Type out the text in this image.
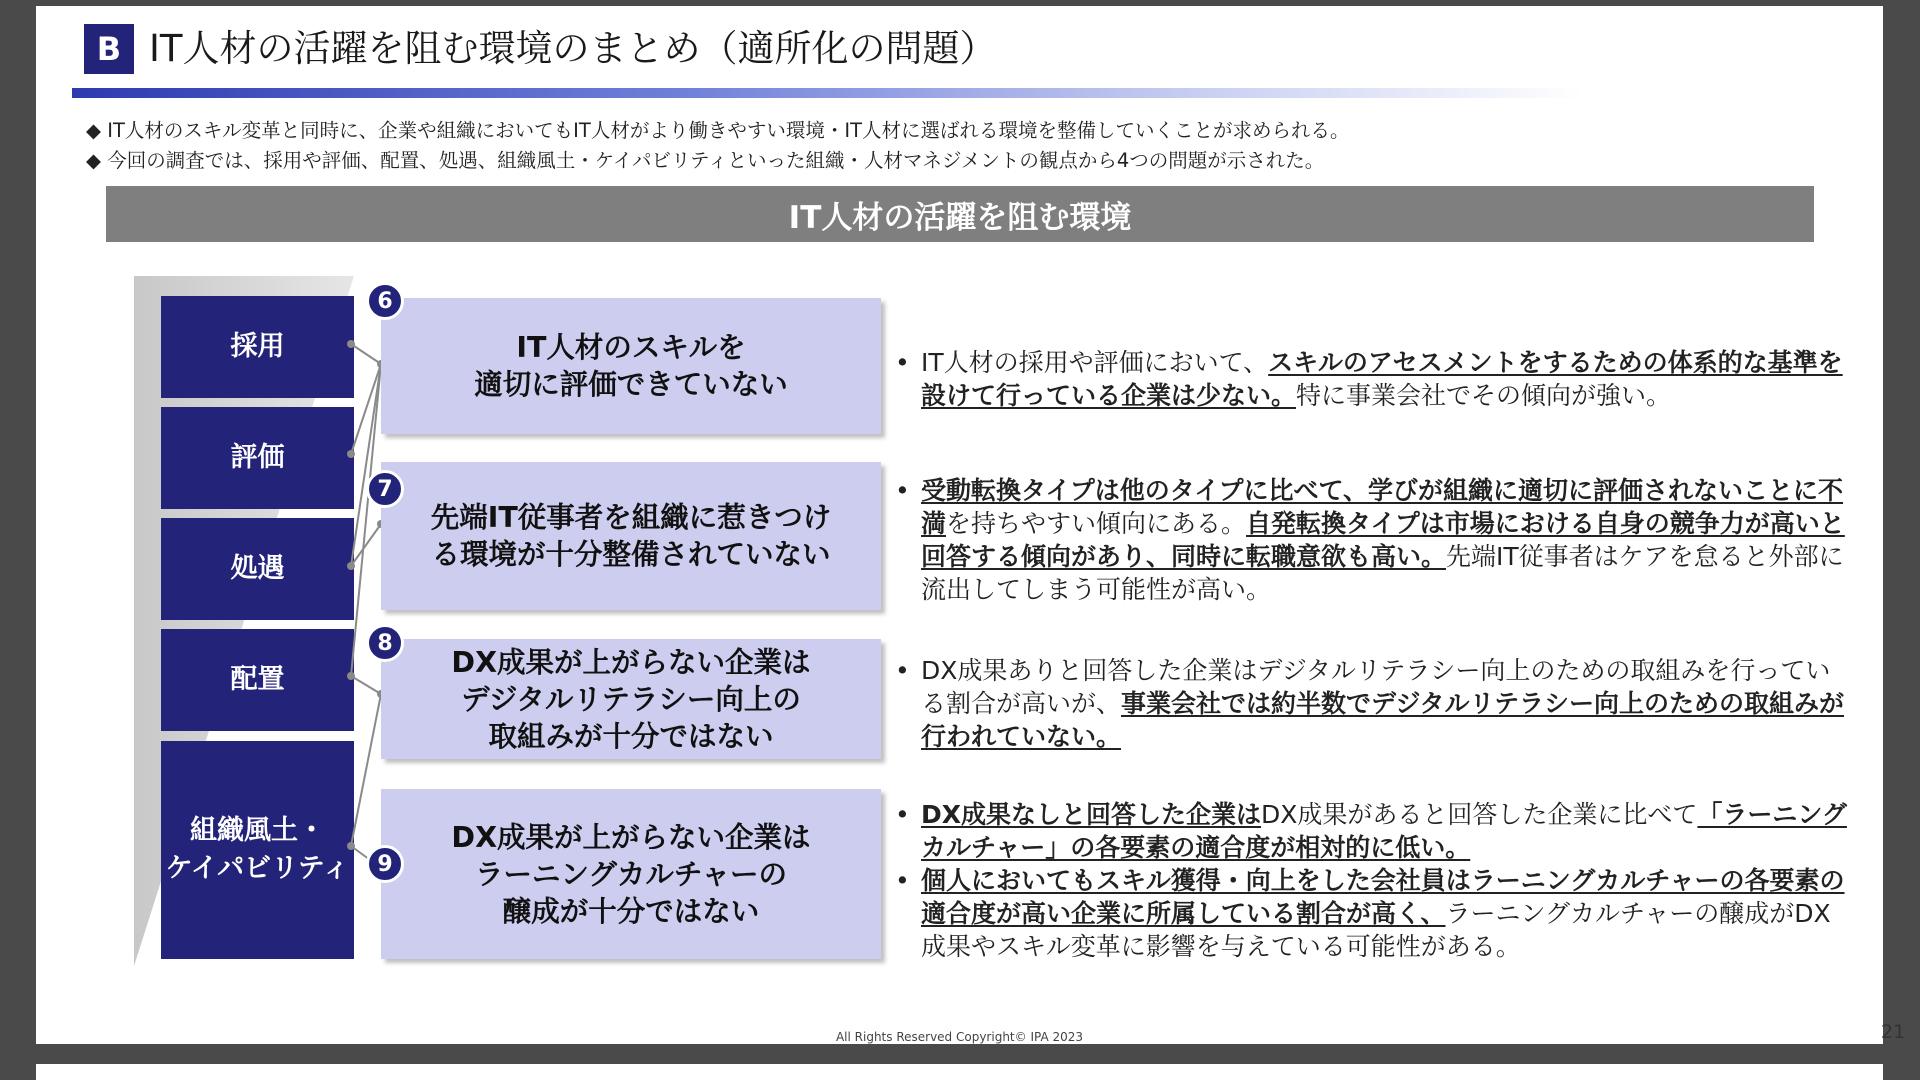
B IT人材の活躍を阻む環境のまとめ（適所化の問題）
◆ IT人材のスキル変革と同時に、企業や組織においてもIT人材がより働きやすい環境・IT人材に選ばれる環境を整備していくことが求められる。
◆ 今回の調査では、採用や評価、配置、処遇、組織風土・ケイパビリティといった組織・人材マネジメントの観点から4つの問題が示された。
IT人材の活躍を阻む環境
採用
評価
処遇
配置
組織風土・
ケイパビリティ
IT人材のスキルを
適切に評価できていない
6
先端IT従事者を組織に惹きつけ
る環境が十分整備されていない
7
DX成果が上がらない企業は
デジタルリテラシー向上の
取組みが十分ではない
8
DX成果が上がらない企業は
ラーニングカルチャーの
醸成が十分ではない
9
• IT人材の採用や評価において、スキルのアセスメントをするための体系的な基準を設けて行っている企業は少ない。特に事業会社でその傾向が強い。
• 受動転換タイプは他のタイプに比べて、学びが組織に適切に評価されないことに不満を持ちやすい傾向にある。自発転換タイプは市場における自身の競争力が高いと回答する傾向があり、同時に転職意欲も高い。先端IT従事者はケアを怠ると外部に流出してしまう可能性が高い。
• DX成果ありと回答した企業はデジタルリテラシー向上のための取組みを行っている割合が高いが、事業会社では約半数でデジタルリテラシー向上のための取組みが行われていない。
• DX成果なしと回答した企業はDX成果があると回答した企業に比べて「ラーニングカルチャー」の各要素の適合度が相対的に低い。
• 個人においてもスキル獲得・向上をした会社員はラーニングカルチャーの各要素の適合度が高い企業に所属している割合が高く、ラーニングカルチャーの醸成がDX成果やスキル変革に影響を与えている可能性がある。
All Rights Reserved Copyright© IPA 2023	21
